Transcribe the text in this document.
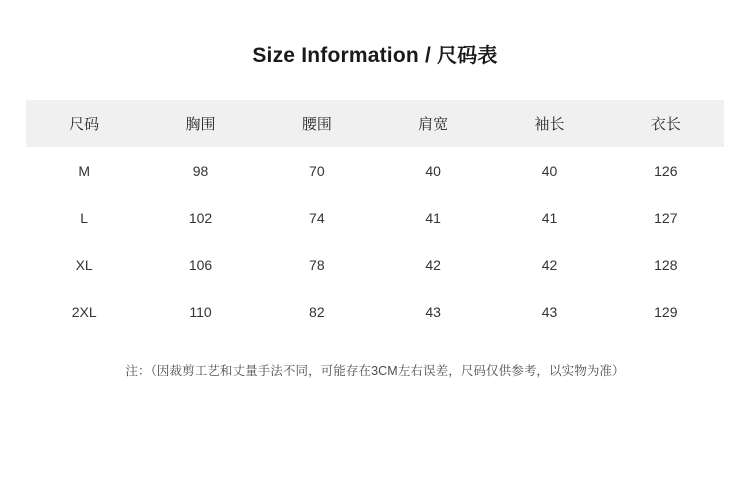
Size Information / 尺码表
尺码	胸围	腰围	肩宽	袖长	衣长
M	98	70	40	40	126
L	102	74	41	41	127
XL	106	78	42	42	128
2XL	110	82	43	43	129
注：（因裁剪工艺和丈量手法不同，可能存在3CM左右误差，尺码仅供参考，以实物为准）
